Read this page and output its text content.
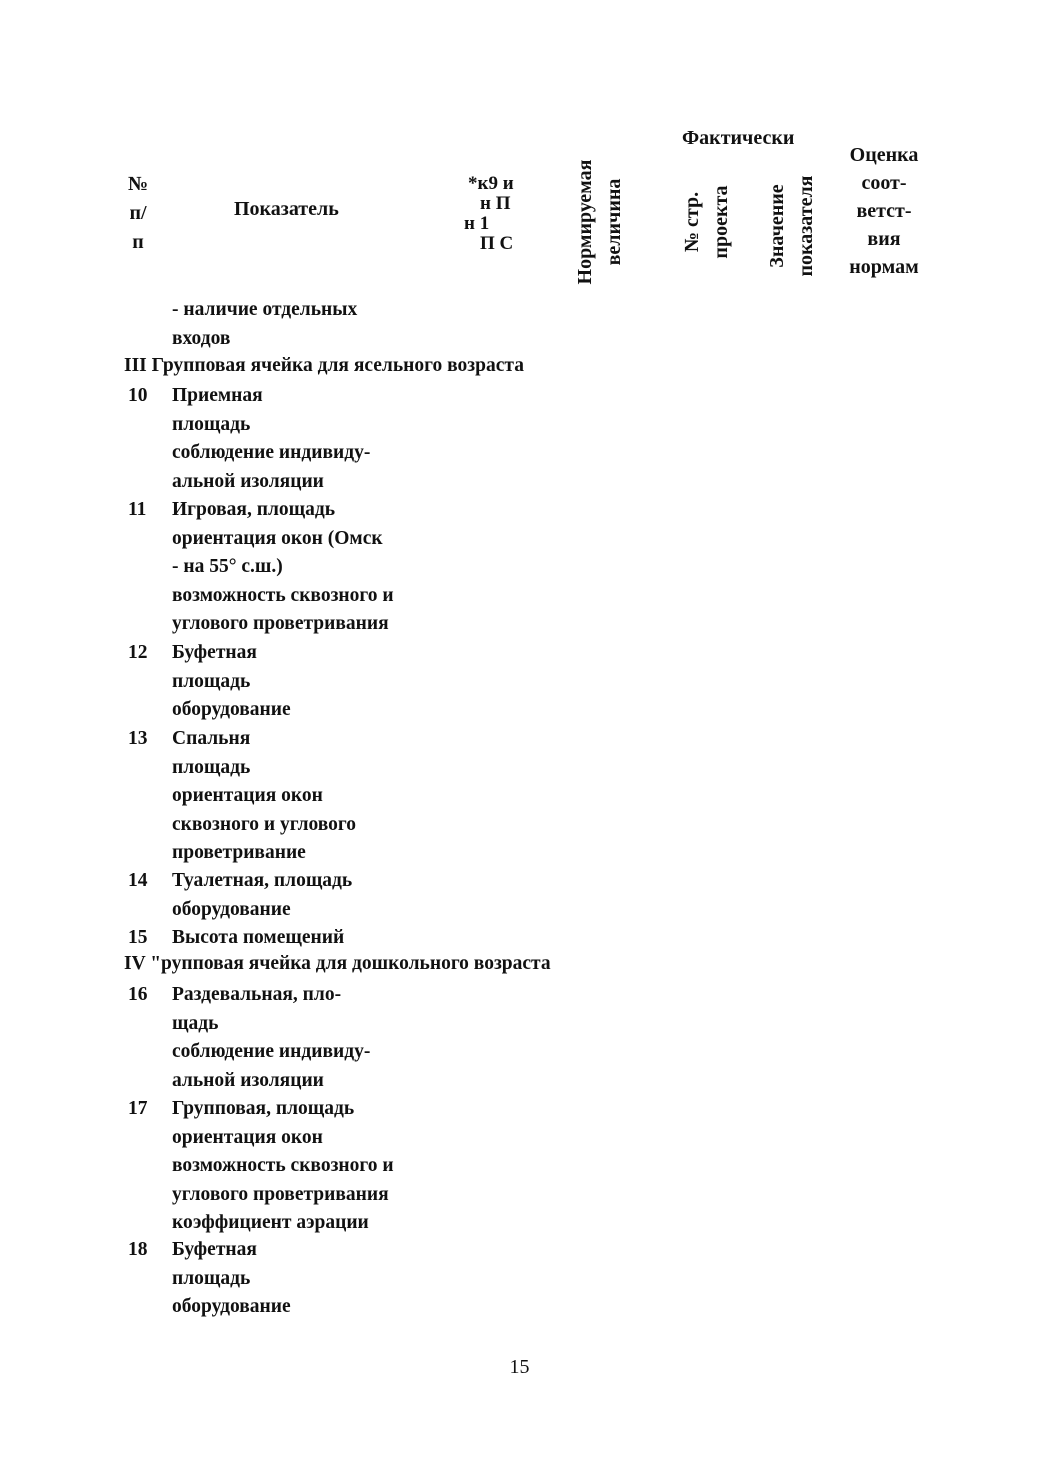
№
п/
п
Показатель
*к9 и
н П
н 1
П С	Нормируемая величина
Фактически
№ стр. проекта Значение показателя
Оценка
соот-
ветст-
вия
нормам
- наличие отдельных
входов
III Групповая ячейка для ясельного возраста
10 Приемная
площадь
соблюдение индивиду-
альной изоляции
11 Игровая, площадь
ориентация окон (Омск
- на 55° с.ш.)
возможность сквозного и
углового проветривания
12 Буфетная
площадь
оборудование
13 Спальня
площадь
ориентация окон
сквозного и углового
проветривание
14 Туалетная, площадь
оборудование
15 Высота помещений
IV "рупповая ячейка для дошкольного возраста
16 Раздевальная, пло-
щадь
соблюдение индивиду-
альной изоляции
17 Групповая, площадь
ориентация окон
возможность сквозного и
углового проветривания
коэффициент аэрации
18 Буфетная
площадь
оборудование
15
